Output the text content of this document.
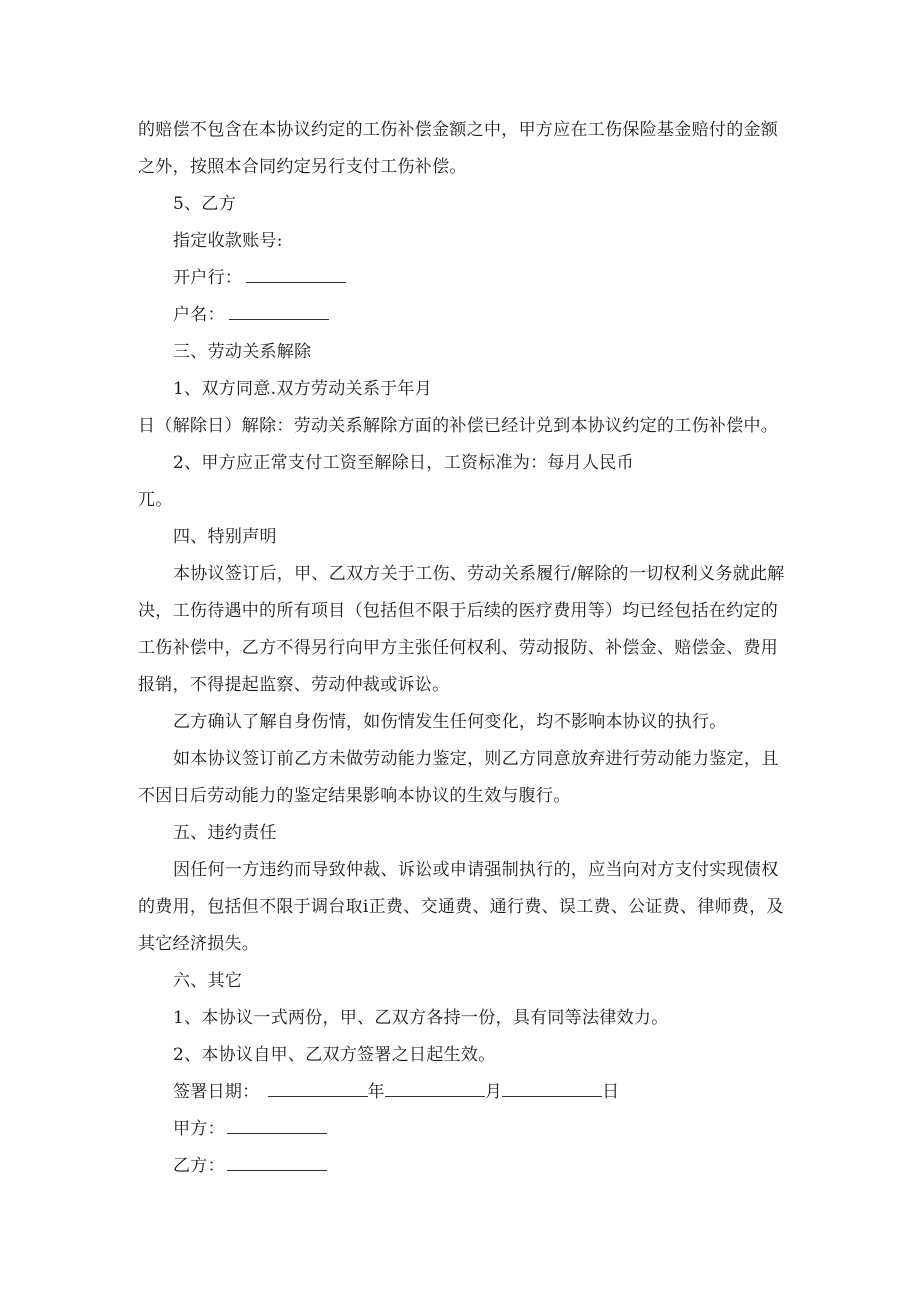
的赔偿不包含在本协议约定的工伤补偿金额之中，甲方应在工伤保险基金赔付的金额
之外，按照本合同约定另行支付工伤补偿。
5、乙方
指定收款账号:
开户行：
户名：
三、劳动关系解除
1、双方同意.双方劳动关系于年月
日（解除日）解除：劳动关系解除方面的补偿已经计兑到本协议约定的工伤补偿中。
2、甲方应正常支付工资至解除日，工资标准为：每月人民币
兀。
四、特别声明
本协议签订后，甲、乙双方关于工伤、劳动关系履行/解除的一切权利义务就此解
决，工伤待遇中的所有项目（包括但不限于后续的医疗费用等）均已经包括在约定的
工伤补偿中，乙方不得另行向甲方主张任何权利、劳动报防、补偿金、赔偿金、费用
报销，不得提起监察、劳动仲裁或诉讼。
乙方确认了解自身伤情，如伤情发生任何变化，均不影响本协议的执行。
如本协议签订前乙方未做劳动能力鉴定，则乙方同意放弃进行劳动能力鉴定，且
不因日后劳动能力的鉴定结果影响本协议的生效与腹行。
五、违约责任
因任何一方违约而导致仲裁、诉讼或申请强制执行的，应当向对方支付实现债权
的费用，包括但不限于调台取i正费、交通费、通行费、误工费、公证费、律师费，及
其它经济损失。
六、其它
1、本协议一式两份，甲、乙双方各持一份，具有同等法律效力。
2、本协议自甲、乙双方签署之日起生效。
签署日期：	年	月	日
甲方：
乙方：
